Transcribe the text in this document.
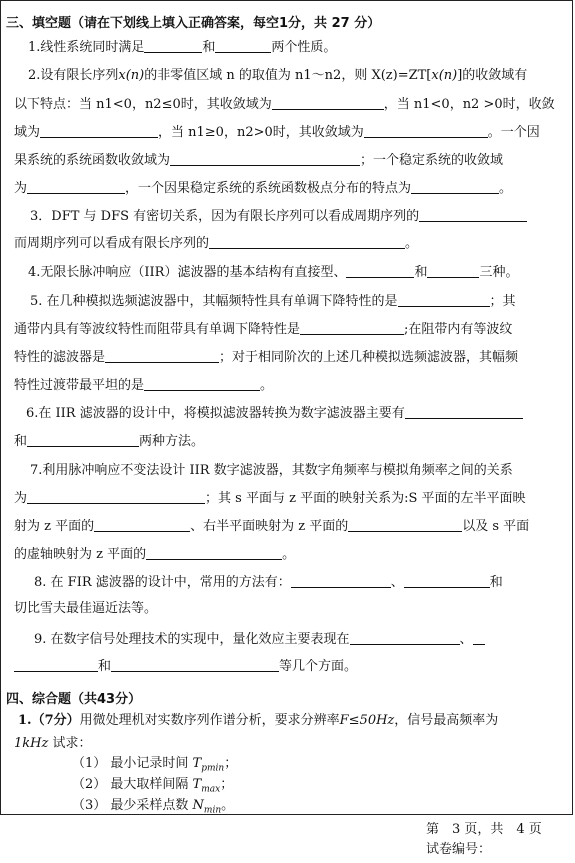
三、填空题（请在下划线上填入正确答案，每空1分，共 27 分）
1.线性系统同时满足	和	两个性质。
2.设有限长序列x(n)的非零值区域 n 的取值为 n1～n2，则 X(z)=ZT[x(n)]的收敛域有
以下特点：当 n1<0，n2≤0时，其收敛域为	，当 n1<0，n2 >0时，收敛
域为	，当 n1≥0，n2>0时，其收敛域为	。一个因
果系统的系统函数收敛域为	；一个稳定系统的收敛域
为	，一个因果稳定系统的系统函数极点分布的特点为	。
3．DFT 与 DFS 有密切关系，因为有限长序列可以看成周期序列的
而周期序列可以看成有限长序列的	。
4.无限长脉冲响应（IIR）滤波器的基本结构有直接型、	和	三种。
5. 在几种模拟选频滤波器中，其幅频特性具有单调下降特性的是	；其
通带内具有等波纹特性而阻带具有单调下降特性是	;在阻带内有等波纹
特性的滤波器是	；对于相同阶次的上述几种模拟选频滤波器，其幅频
特性过渡带最平坦的是	。
6.在 IIR 滤波器的设计中，将模拟滤波器转换为数字滤波器主要有
和	两种方法。
7.利用脉冲响应不变法设计 IIR 数字滤波器，其数字角频率与模拟角频率之间的关系
为	；其 s 平面与 z 平面的映射关系为:S 平面的左半平面映
射为 z 平面的	、右半平面映射为 z 平面的	以及 s 平面
的虚轴映射为 z 平面的	。
8. 在 FIR 滤波器的设计中，常用的方法有：	、	和
切比雪夫最佳逼近法等。
9. 在数字信号处理技术的实现中，量化效应主要表现在	、
和	等几个方面。
四、综合题（共43分）
1.（7分）用微处理机对实数序列作谱分析，要求分辨率F≤50Hz，信号最高频率为
1kHz 试求：
（1） 最小记录时间 $T_{pmin}$；
（2） 最大取样间隔 $T_{max}$；
（3） 最少采样点数 $N_{min}$。
第　3 页，共　4 页
试卷编号：
